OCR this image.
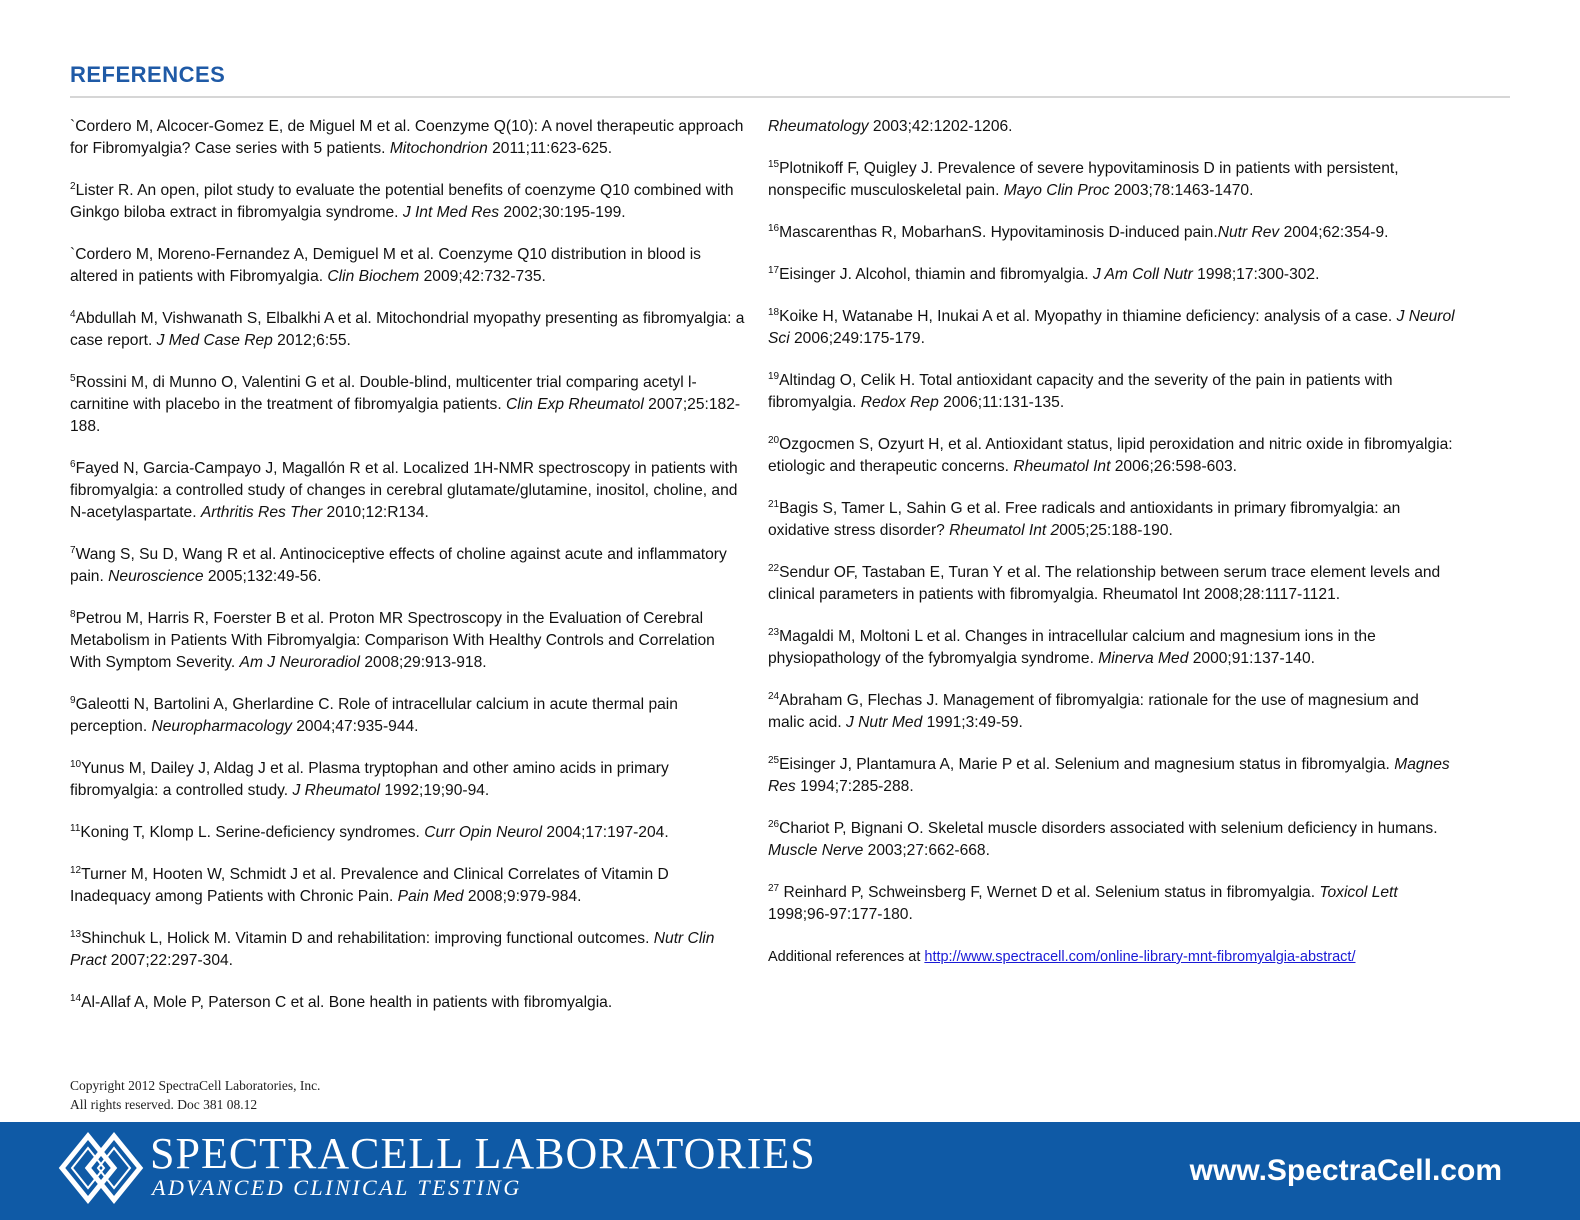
REFERENCES

`Cordero M, Alcocer-Gomez E, de Miguel M et al. Coenzyme Q(10): A novel therapeutic approach for Fibromyalgia? Case series with 5 patients. Mitochondrion 2011;11:623-625.

$^2$Lister R. An open, pilot study to evaluate the potential benefits of coenzyme Q10 combined with Ginkgo biloba extract in fibromyalgia syndrome. J Int Med Res 2002;30:195-199.

`Cordero M, Moreno-Fernandez A, Demiguel M et al. Coenzyme Q10 distribution in blood is altered in patients with Fibromyalgia. Clin Biochem 2009;42:732-735.

$^4$Abdullah M, Vishwanath S, Elbalkhi A et al. Mitochondrial myopathy presenting as fibromyalgia: a case report. J Med Case Rep 2012;6:55.

$^5$Rossini M, di Munno O, Valentini G et al. Double-blind, multicenter trial comparing acetyl l-carnitine with placebo in the treatment of fibromyalgia patients. Clin Exp Rheumatol 2007;25:182-188.

$^6$Fayed N, Garcia-Campayo J, Magallón R et al. Localized 1H-NMR spectroscopy in patients with fibromyalgia: a controlled study of changes in cerebral glutamate/glutamine, inositol, choline, and N-acetylaspartate. Arthritis Res Ther 2010;12:R134.

$^7$Wang S, Su D, Wang R et al. Antinociceptive effects of choline against acute and inflammatory pain. Neuroscience 2005;132:49-56.

$^8$Petrou M, Harris R, Foerster B et al. Proton MR Spectroscopy in the Evaluation of Cerebral Metabolism in Patients With Fibromyalgia: Comparison With Healthy Controls and Correlation With Symptom Severity. Am J Neuroradiol 2008;29:913-918.

$^9$Galeotti N, Bartolini A, Gherlardine C. Role of intracellular calcium in acute thermal pain perception. Neuropharmacology 2004;47:935-944.

$^{10}$Yunus M, Dailey J, Aldag J et al. Plasma tryptophan and other amino acids in primary fibromyalgia: a controlled study. J Rheumatol 1992;19;90-94.

$^{11}$Koning T, Klomp L. Serine-deficiency syndromes. Curr Opin Neurol 2004;17:197-204.

$^{12}$Turner M, Hooten W, Schmidt J et al. Prevalence and Clinical Correlates of Vitamin D Inadequacy among Patients with Chronic Pain. Pain Med 2008;9:979-984.

$^{13}$Shinchuk L, Holick M. Vitamin D and rehabilitation: improving functional outcomes. Nutr Clin Pract 2007;22:297-304.

$^{14}$Al-Allaf A, Mole P, Paterson C et al. Bone health in patients with fibromyalgia.

Rheumatology 2003;42:1202-1206.

$^{15}$Plotnikoff F, Quigley J. Prevalence of severe hypovitaminosis D in patients with persistent, nonspecific musculoskeletal pain. Mayo Clin Proc 2003;78:1463-1470.

$^{16}$Mascarenthas R, MobarhanS. Hypovitaminosis D-induced pain.Nutr Rev 2004;62:354-9.

$^{17}$Eisinger J. Alcohol, thiamin and fibromyalgia. J Am Coll Nutr 1998;17:300-302.

$^{18}$Koike H, Watanabe H, Inukai A et al. Myopathy in thiamine deficiency: analysis of a case. J Neurol Sci 2006;249:175-179.

$^{19}$Altindag O, Celik H. Total antioxidant capacity and the severity of the pain in patients with fibromyalgia. Redox Rep 2006;11:131-135.

$^{20}$Ozgocmen S, Ozyurt H, et al. Antioxidant status, lipid peroxidation and nitric oxide in fibromyalgia: etiologic and therapeutic concerns. Rheumatol Int 2006;26:598-603.

$^{21}$Bagis S, Tamer L, Sahin G et al. Free radicals and antioxidants in primary fibromyalgia: an oxidative stress disorder? Rheumatol Int 2005;25:188-190.

$^{22}$Sendur OF, Tastaban E, Turan Y et al. The relationship between serum trace element levels and clinical parameters in patients with fibromyalgia. Rheumatol Int 2008;28:1117-1121.

$^{23}$Magaldi M, Moltoni L et al. Changes in intracellular calcium and magnesium ions in the physiopathology of the fybromyalgia syndrome. Minerva Med 2000;91:137-140.

$^{24}$Abraham G, Flechas J. Management of fibromyalgia: rationale for the use of magnesium and malic acid. J Nutr Med 1991;3:49-59.

$^{25}$Eisinger J, Plantamura A, Marie P et al. Selenium and magnesium status in fibromyalgia. Magnes Res 1994;7:285-288.

$^{26}$Chariot P, Bignani O. Skeletal muscle disorders associated with selenium deficiency in humans. Muscle Nerve 2003;27:662-668.

$^{27}$ Reinhard P, Schweinsberg F, Wernet D et al. Selenium status in fibromyalgia. Toxicol Lett 1998;96-97:177-180.

Additional references at http://www.spectracell.com/online-library-mnt-fibromyalgia-abstract/

Copyright 2012 SpectraCell Laboratories, Inc.
All rights reserved. Doc 381 08.12
SPECTRACELL LABORATORIES
ADVANCED CLINICAL TESTING
www.SpectraCell.com
